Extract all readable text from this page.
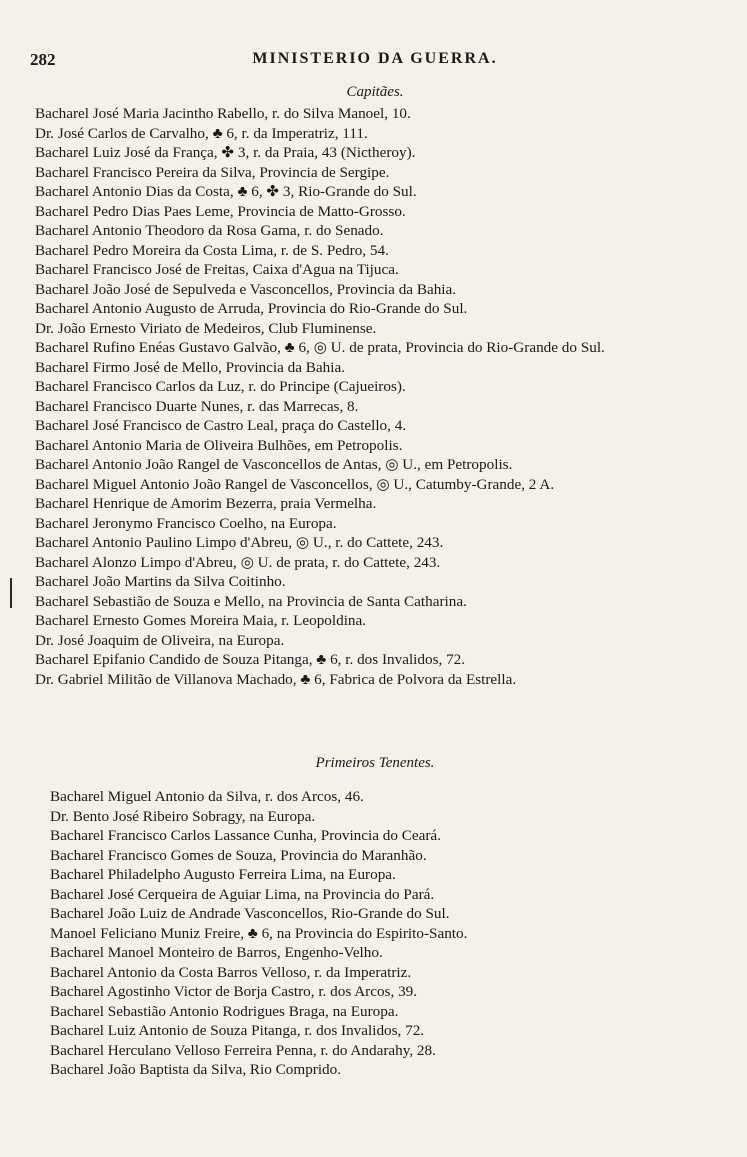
282	MINISTERIO DA GUERRA.
Capitães.
Bacharel José Maria Jacintho Rabello, r. do Silva Manoel, 10.
Dr. José Carlos de Carvalho, ♣ 6, r. da Imperatriz, 111.
Bacharel Luiz José da França, ✤ 3, r. da Praia, 43 (Nictheroy).
Bacharel Francisco Pereira da Silva, Provincia de Sergipe.
Bacharel Antonio Dias da Costa, ♣ 6, ✤ 3, Rio-Grande do Sul.
Bacharel Pedro Dias Paes Leme, Provincia de Matto-Grosso.
Bacharel Antonio Theodoro da Rosa Gama, r. do Senado.
Bacharel Pedro Moreira da Costa Lima, r. de S. Pedro, 54.
Bacharel Francisco José de Freitas, Caixa d'Agua na Tijuca.
Bacharel João José de Sepulveda e Vasconcellos, Provincia da Bahia.
Bacharel Antonio Augusto de Arruda, Provincia do Rio-Grande do Sul.
Dr. João Ernesto Viriato de Medeiros, Club Fluminense.
Bacharel Rufino Enéas Gustavo Galvão, ♣ 6, ◎ U. de prata, Provincia do Rio-Grande do Sul.
Bacharel Firmo José de Mello, Provincia da Bahia.
Bacharel Francisco Carlos da Luz, r. do Principe (Cajueiros).
Bacharel Francisco Duarte Nunes, r. das Marrecas, 8.
Bacharel José Francisco de Castro Leal, praça do Castello, 4.
Bacharel Antonio Maria de Oliveira Bulhões, em Petropolis.
Bacharel Antonio João Rangel de Vasconcellos de Antas, ◎ U., em Petropolis.
Bacharel Miguel Antonio João Rangel de Vasconcellos, ◎ U., Catumby-Grande, 2 A.
Bacharel Henrique de Amorim Bezerra, praia Vermelha.
Bacharel Jeronymo Francisco Coelho, na Europa.
Bacharel Antonio Paulino Limpo d'Abreu, ◎ U., r. do Cattete, 243.
Bacharel Alonzo Limpo d'Abreu, ◎ U. de prata, r. do Cattete, 243.
Bacharel João Martins da Silva Coitinho.
Bacharel Sebastião de Souza e Mello, na Provincia de Santa Catharina.
Bacharel Ernesto Gomes Moreira Maia, r. Leopoldina.
Dr. José Joaquim de Oliveira, na Europa.
Bacharel Epifanio Candido de Souza Pitanga, ♣ 6, r. dos Invalidos, 72.
Dr. Gabriel Militão de Villanova Machado, ♣ 6, Fabrica de Polvora da Estrella.
Primeiros Tenentes.
Bacharel Miguel Antonio da Silva, r. dos Arcos, 46.
Dr. Bento José Ribeiro Sobragy, na Europa.
Bacharel Francisco Carlos Lassance Cunha, Provincia do Ceará.
Bacharel Francisco Gomes de Souza, Provincia do Maranhão.
Bacharel Philadelpho Augusto Ferreira Lima, na Europa.
Bacharel José Cerqueira de Aguiar Lima, na Provincia do Pará.
Bacharel João Luiz de Andrade Vasconcellos, Rio-Grande do Sul.
Manoel Feliciano Muniz Freire, ♣ 6, na Provincia do Espirito-Santo.
Bacharel Manoel Monteiro de Barros, Engenho-Velho.
Bacharel Antonio da Costa Barros Velloso, r. da Imperatriz.
Bacharel Agostinho Victor de Borja Castro, r. dos Arcos, 39.
Bacharel Sebastião Antonio Rodrigues Braga, na Europa.
Bacharel Luiz Antonio de Souza Pitanga, r. dos Invalidos, 72.
Bacharel Herculano Velloso Ferreira Penna, r. do Andarahy, 28.
Bacharel João Baptista da Silva, Rio Comprido.
